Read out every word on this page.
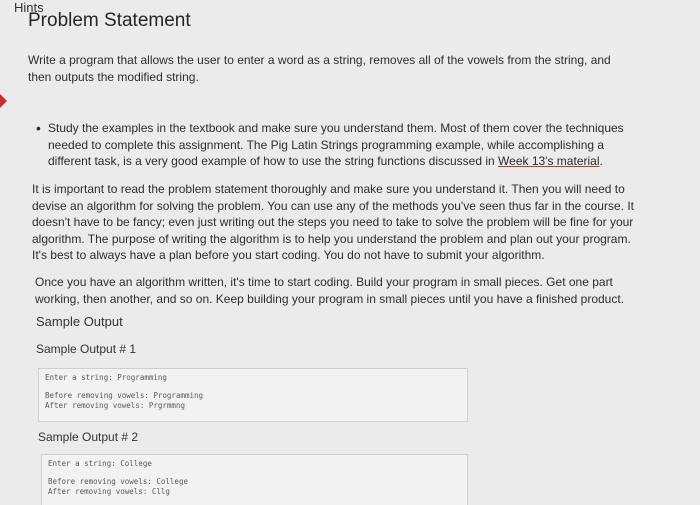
Problem Statement

Write a program that allows the user to enter a word as a string, removes all of the vowels from the string, and then outputs the modified string.

Hints
• Study the examples in the textbook and make sure you understand them. Most of them cover the techniques needed to complete this assignment. The Pig Latin Strings programming example, while accomplishing a different task, is a very good example of how to use the string functions discussed in Week 13's material.

It is important to read the problem statement thoroughly and make sure you understand it. Then you will need to devise an algorithm for solving the problem. You can use any of the methods you've seen thus far in the course. It doesn't have to be fancy; even just writing out the steps you need to take to solve the problem will be fine for your algorithm. The purpose of writing the algorithm is to help you understand the problem and plan out your program. It's best to always have a plan before you start coding. You do not have to submit your algorithm.

Once you have an algorithm written, it's time to start coding. Build your program in small pieces. Get one part working, then another, and so on. Keep building your program in small pieces until you have a finished product.

Sample Output
Sample Output # 1
Enter a string: Programming
Before removing vowels: Programming
After removing vowels: Prgrmmng
Sample Output # 2
Enter a string: College
Before removing vowels: College
After removing vowels: Cllg
